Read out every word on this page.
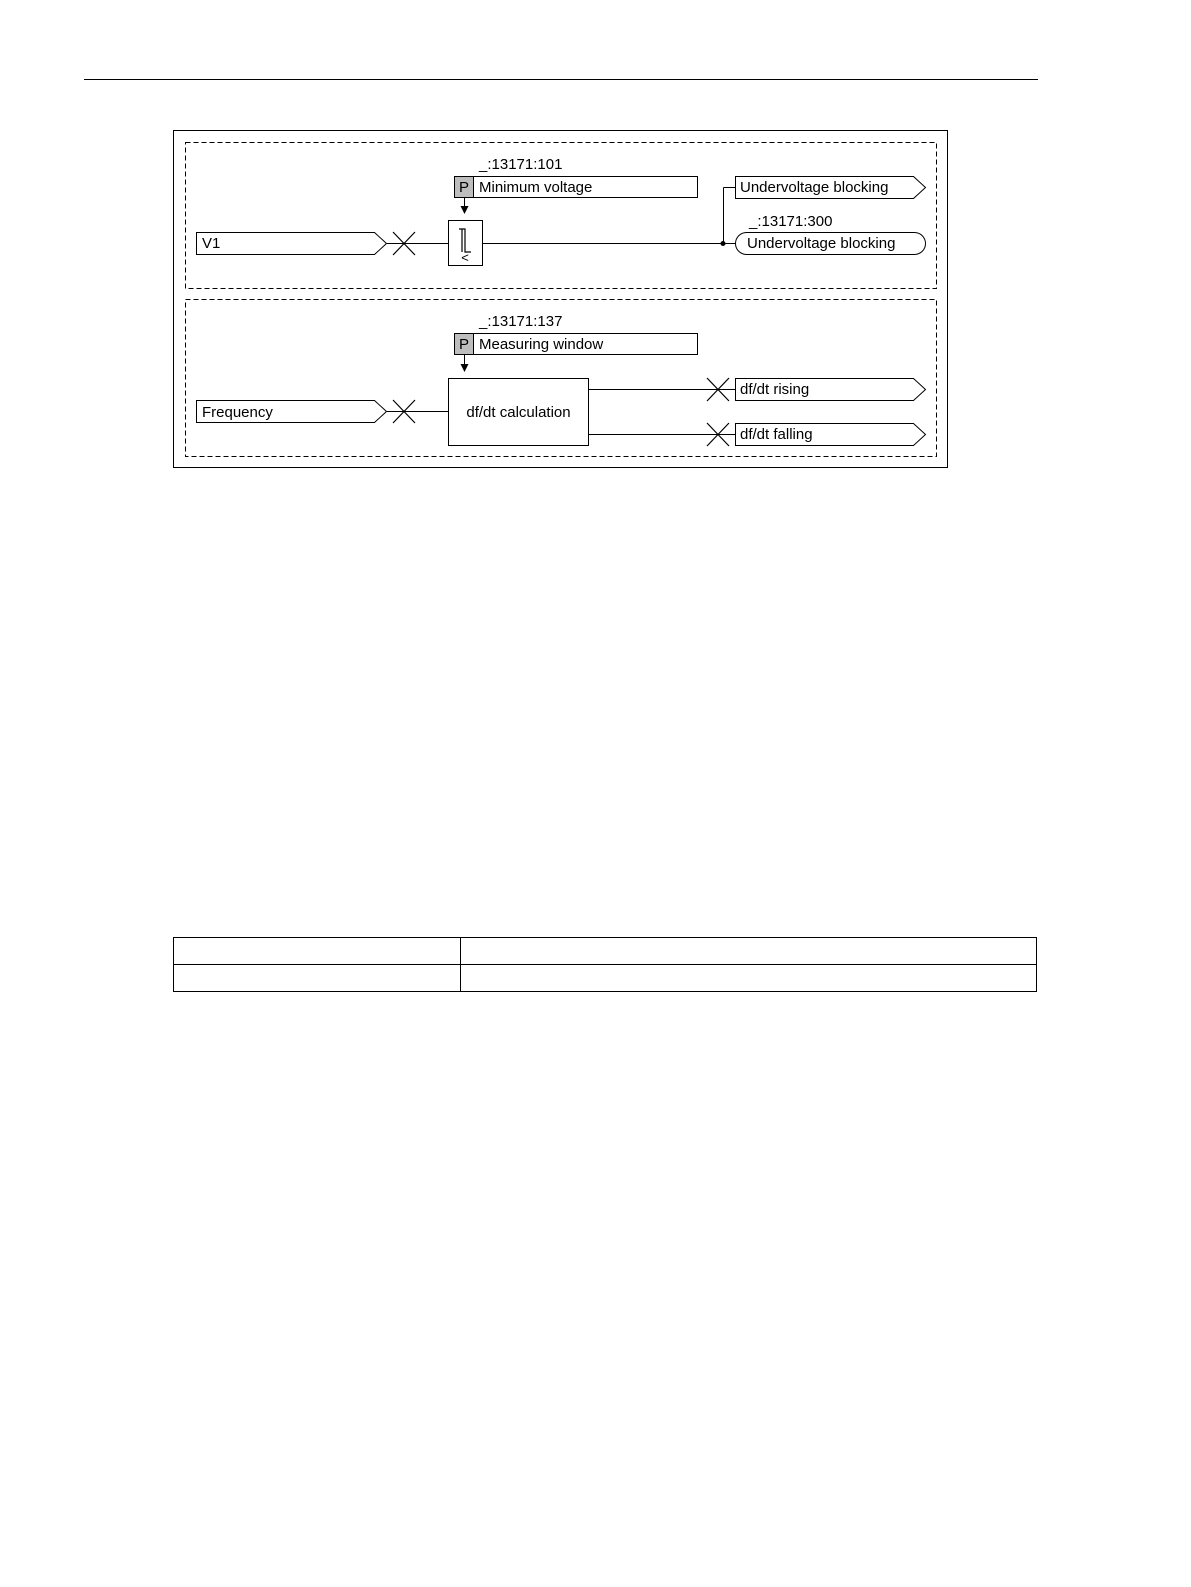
_:13171:101
P Minimum voltage
<
V1
Undervoltage blocking
_:13171:300
Undervoltage blocking
_:13171:137
P Measuring window
df/dt calculation
Frequency
df/dt rising
df/dt falling
